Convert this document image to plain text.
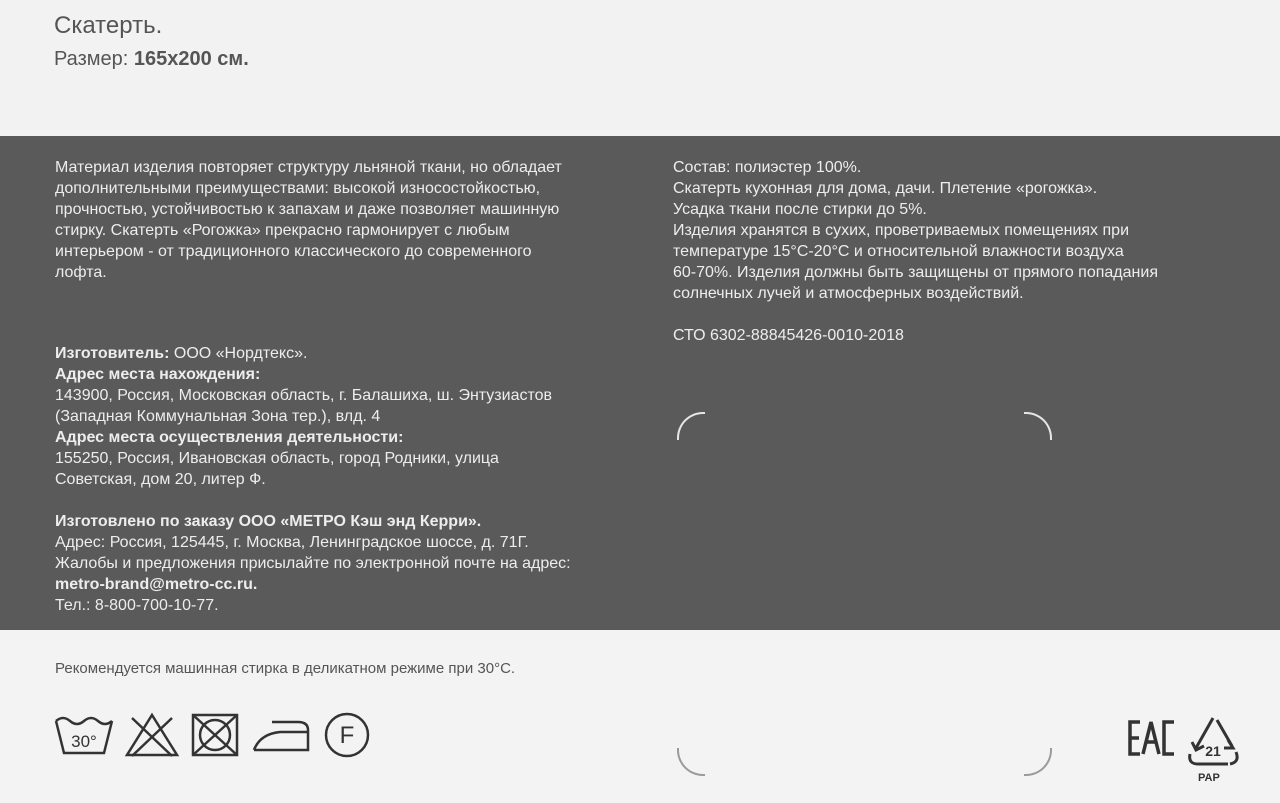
Скатерть.
Размер: 165х200 см.

Материал изделия повторяет структуру льняной ткани, но обладает

дополнительными преимуществами: высокой износостойкостью,

прочностью, устойчивостью к запахам и даже позволяет машинную

стирку. Скатерть «Рогожка» прекрасно гармонирует с любым

интерьером - от традиционного классического до современного

лофта.

Изготовитель: ООО «Нордтекс».

Адрес места нахождения:

143900, Россия, Московская область, г. Балашиха, ш. Энтузиастов

(Западная Коммунальная Зона тер.), влд. 4

Адрес места осуществления деятельности:

155250, Россия, Ивановская область, город Родники, улица

Советская, дом 20, литер Ф.

Изготовлено по заказу ООО «МЕТРО Кэш энд Керри».

Адрес: Россия, 125445, г. Москва, Ленинградское шоссе, д. 71Г.

Жалобы и предложения присылайте по электронной почте на адрес:

metro-brand@metro-cc.ru.

Тел.: 8-800-700-10-77.

Состав: полиэстер 100%.

Скатерть кухонная для дома, дачи. Плетение «рогожка».

Усадка ткани после стирки до 5%.

Изделия хранятся в сухих, проветриваемых помещениях при

температуре 15°С-20°С и относительной влажности воздуха

60-70%. Изделия должны быть защищены от прямого попадания

солнечных лучей и атмосферных воздействий.

СТО 6302-88845426-0010-2018

Рекомендуется машинная стирка в деликатном режиме при 30°С.
30°	F
21
PAP
